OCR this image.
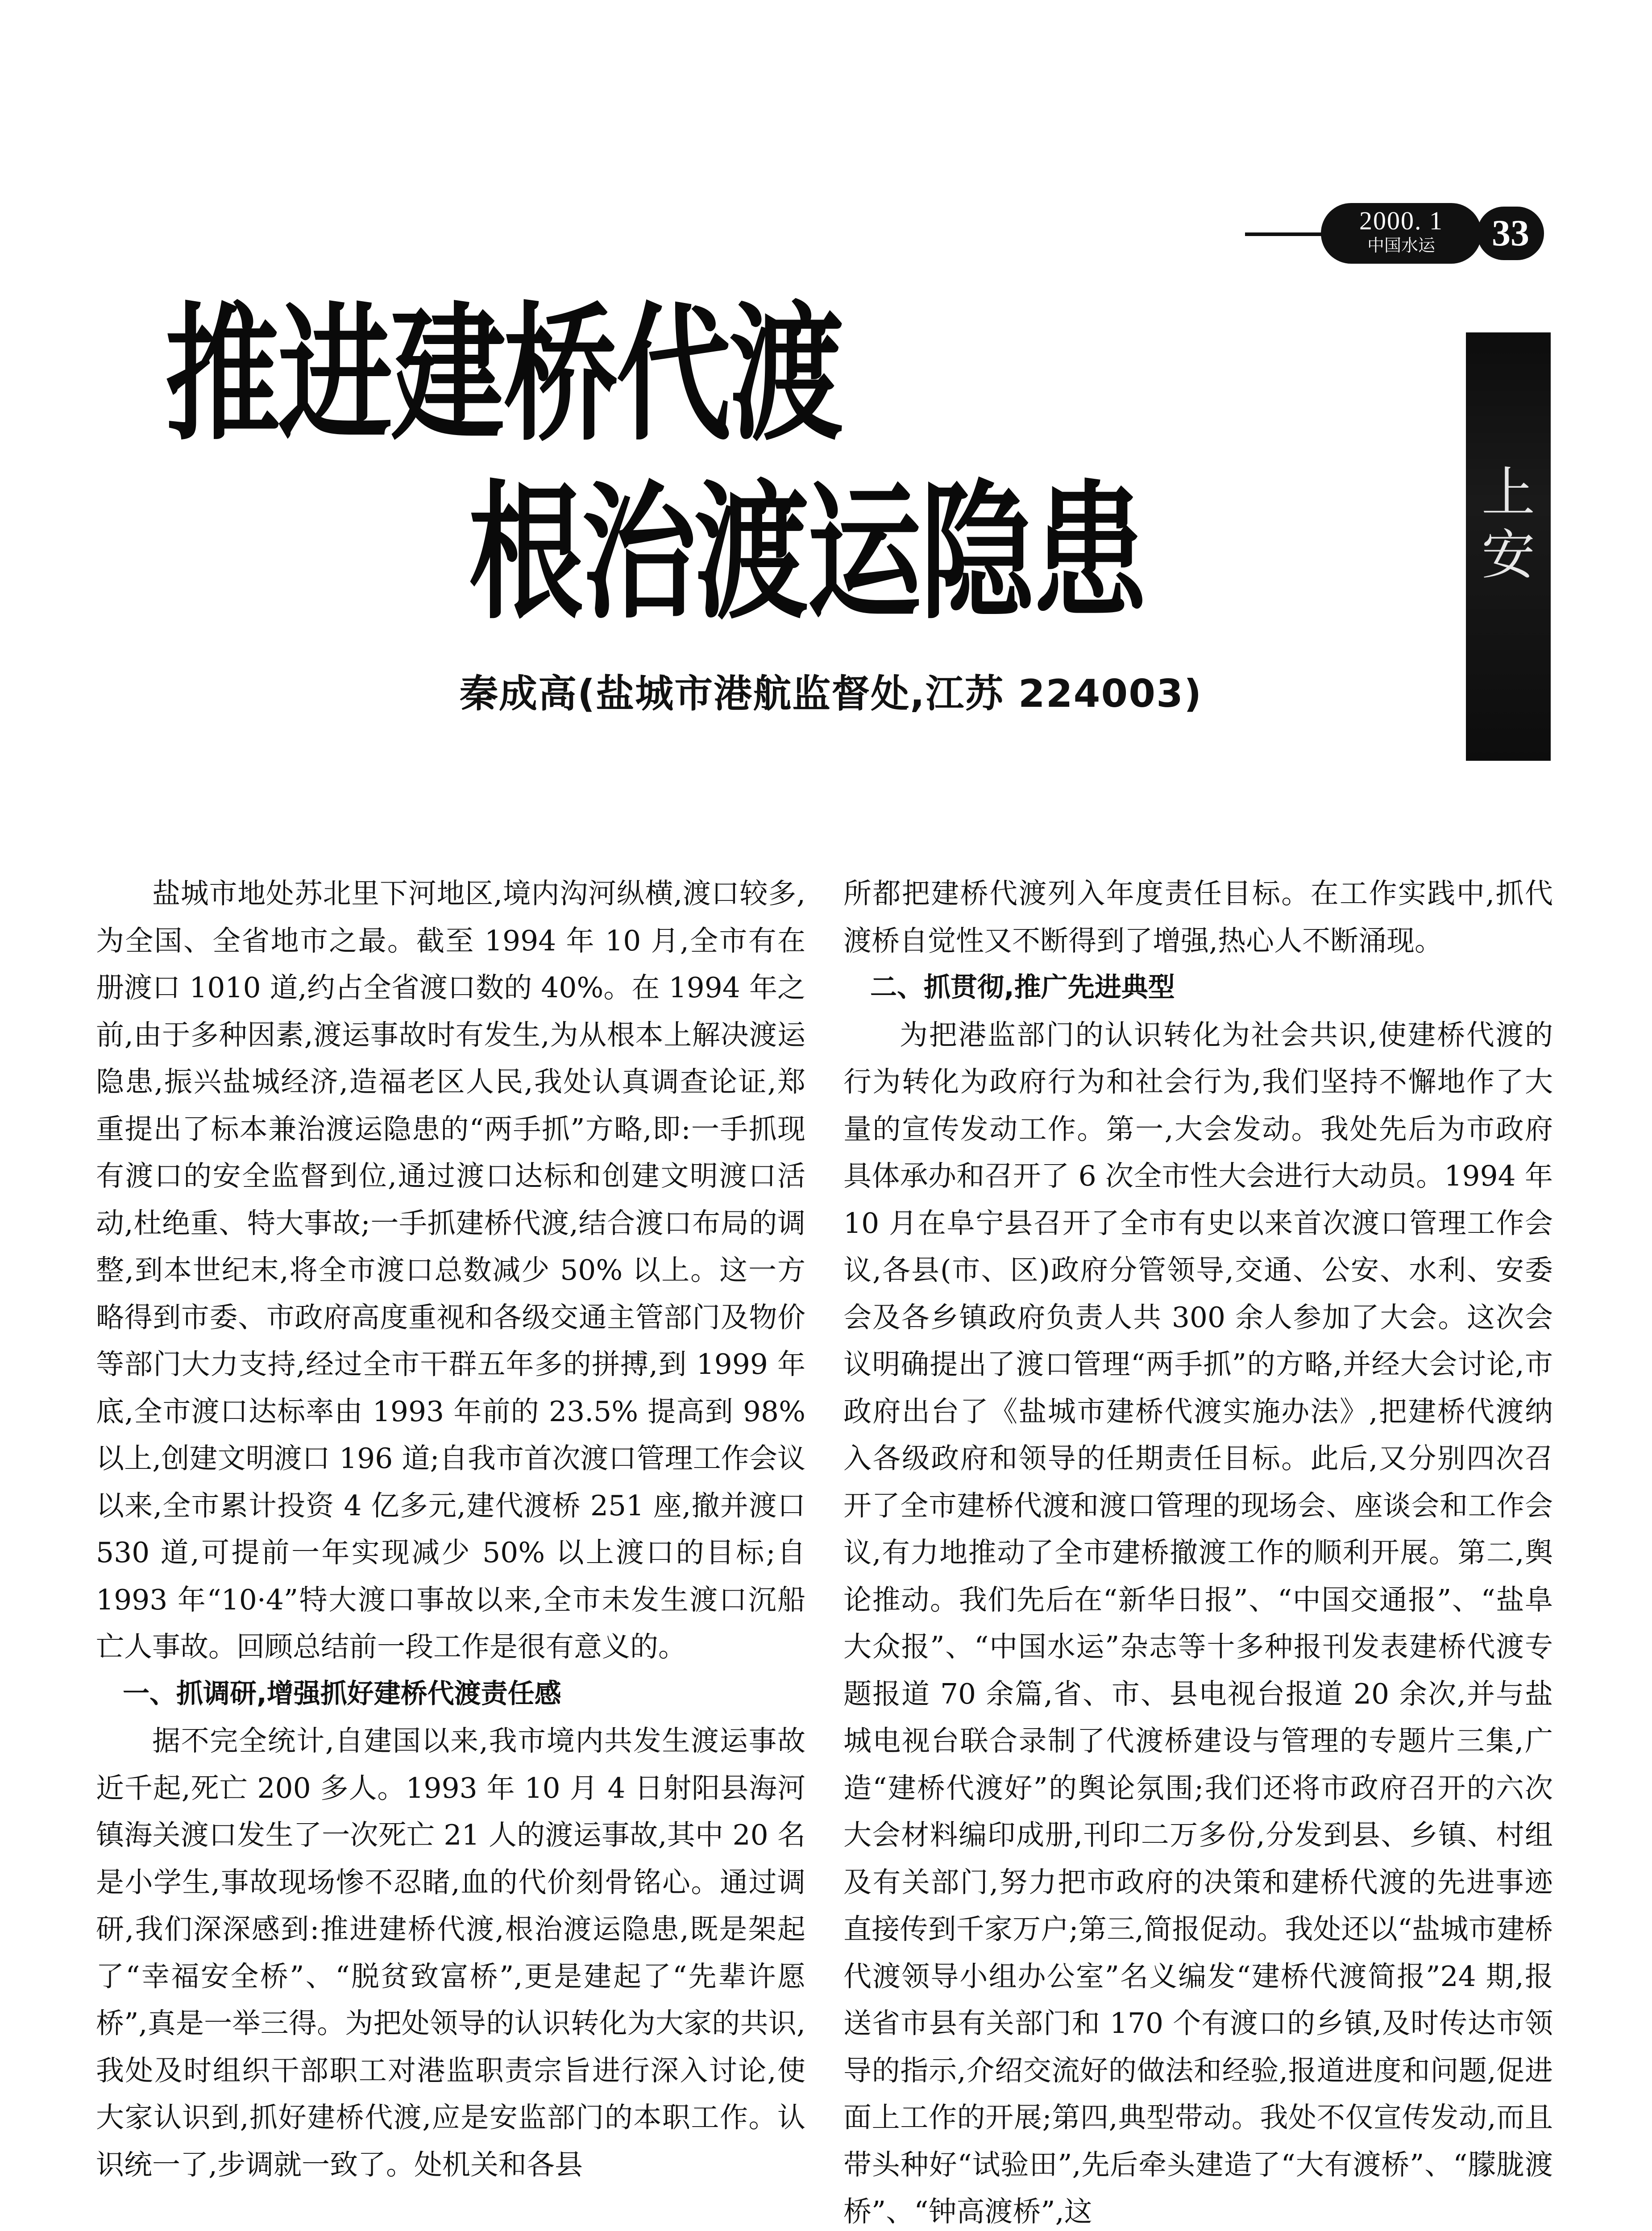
2000. 1
中国水运	33
推进建桥代渡
根治渡运隐患	上安
秦成高(盐城市港航监督处,江苏 224003)

盐城市地处苏北里下河地区,境内沟河纵横,渡口较多,为全国、全省地市之最。截至 1994 年 10 月,全市有在册渡口 1010 道,约占全省渡口数的 40%。在 1994 年之前,由于多种因素,渡运事故时有发生,为从根本上解决渡运隐患,振兴盐城经济,造福老区人民,我处认真调查论证,郑重提出了标本兼治渡运隐患的“两手抓”方略,即:一手抓现有渡口的安全监督到位,通过渡口达标和创建文明渡口活动,杜绝重、特大事故;一手抓建桥代渡,结合渡口布局的调整,到本世纪末,将全市渡口总数减少 50% 以上。这一方略得到市委、市政府高度重视和各级交通主管部门及物价等部门大力支持,经过全市干群五年多的拼搏,到 1999 年底,全市渡口达标率由 1993 年前的 23.5% 提高到 98% 以上,创建文明渡口 196 道;自我市首次渡口管理工作会议以来,全市累计投资 4 亿多元,建代渡桥 251 座,撤并渡口 530 道,可提前一年实现减少 50% 以上渡口的目标;自 1993 年“10·4”特大渡口事故以来,全市未发生渡口沉船亡人事故。回顾总结前一段工作是很有意义的。

一、抓调研,增强抓好建桥代渡责任感

据不完全统计,自建国以来,我市境内共发生渡运事故近千起,死亡 200 多人。1993 年 10 月 4 日射阳县海河镇海关渡口发生了一次死亡 21 人的渡运事故,其中 20 名是小学生,事故现场惨不忍睹,血的代价刻骨铭心。通过调研,我们深深感到:推进建桥代渡,根治渡运隐患,既是架起了“幸福安全桥”、“脱贫致富桥”,更是建起了“先辈许愿桥”,真是一举三得。为把处领导的认识转化为大家的共识,我处及时组织干部职工对港监职责宗旨进行深入讨论,使大家认识到,抓好建桥代渡,应是安监部门的本职工作。认识统一了,步调就一致了。处机关和各县

所都把建桥代渡列入年度责任目标。在工作实践中,抓代渡桥自觉性又不断得到了增强,热心人不断涌现。

二、抓贯彻,推广先进典型

为把港监部门的认识转化为社会共识,使建桥代渡的行为转化为政府行为和社会行为,我们坚持不懈地作了大量的宣传发动工作。第一,大会发动。我处先后为市政府具体承办和召开了 6 次全市性大会进行大动员。1994 年 10 月在阜宁县召开了全市有史以来首次渡口管理工作会议,各县(市、区)政府分管领导,交通、公安、水利、安委会及各乡镇政府负责人共 300 余人参加了大会。这次会议明确提出了渡口管理“两手抓”的方略,并经大会讨论,市政府出台了《盐城市建桥代渡实施办法》,把建桥代渡纳入各级政府和领导的任期责任目标。此后,又分别四次召开了全市建桥代渡和渡口管理的现场会、座谈会和工作会议,有力地推动了全市建桥撤渡工作的顺利开展。第二,舆论推动。我们先后在“新华日报”、“中国交通报”、“盐阜大众报”、“中国水运”杂志等十多种报刊发表建桥代渡专题报道 70 余篇,省、市、县电视台报道 20 余次,并与盐城电视台联合录制了代渡桥建设与管理的专题片三集,广造“建桥代渡好”的舆论氛围;我们还将市政府召开的六次大会材料编印成册,刊印二万多份,分发到县、乡镇、村组及有关部门,努力把市政府的决策和建桥代渡的先进事迹直接传到千家万户;第三,简报促动。我处还以“盐城市建桥代渡领导小组办公室”名义编发“建桥代渡简报”24 期,报送省市县有关部门和 170 个有渡口的乡镇,及时传达市领导的指示,介绍交流好的做法和经验,报道进度和问题,促进面上工作的开展;第四,典型带动。我处不仅宣传发动,而且带头种好“试验田”,先后牵头建造了“大有渡桥”、“朦胧渡桥”、“钟高渡桥”,这
